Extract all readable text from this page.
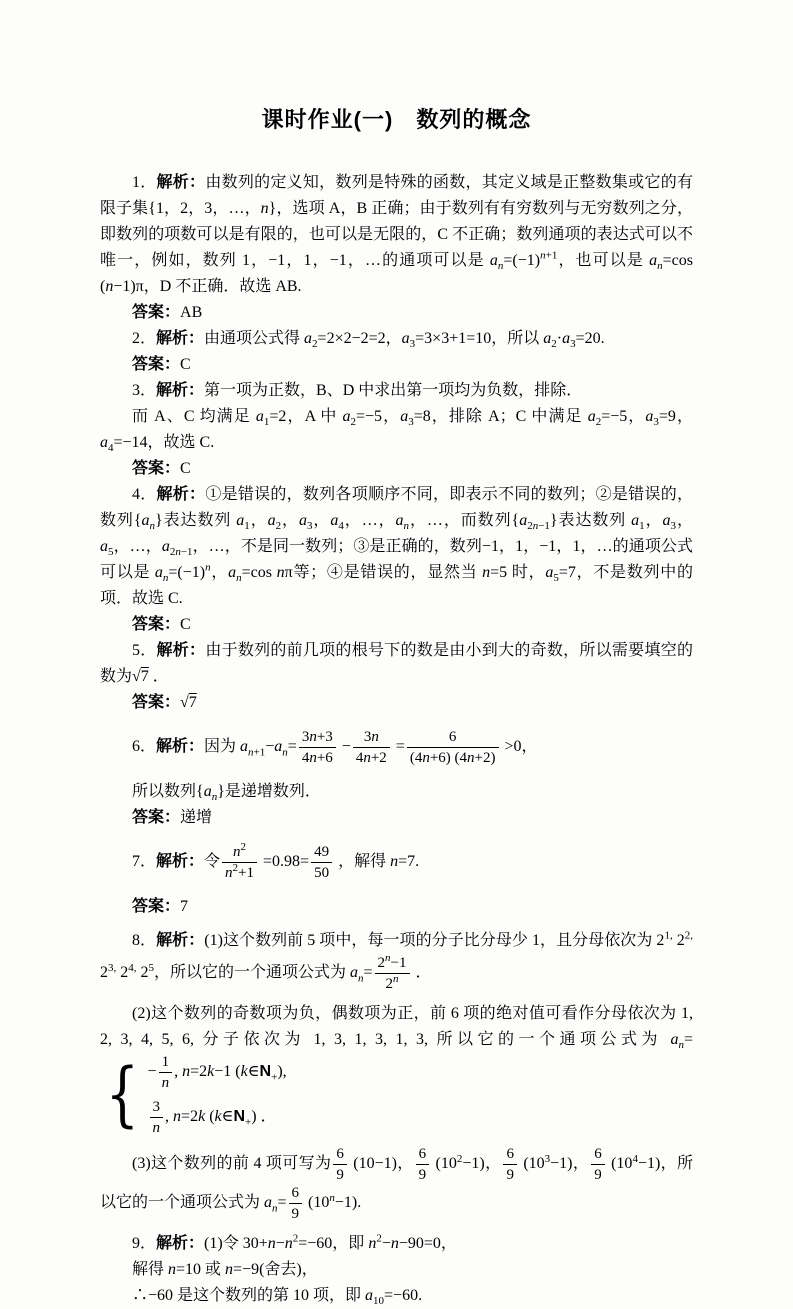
课时作业(一)　数列的概念

1．解析：由数列的定义知，数列是特殊的函数，其定义域是正整数集或它的有限子集{1，2，3，…，n}，选项 A，B 正确；由于数列有有穷数列与无穷数列之分，即数列的项数可以是有限的，也可以是无限的，C 不正确；数列通项的表达式可以不唯一，例如，数列 1，−1，1，−1，…的通项可以是 $a_n=(-1)^{n+1}$，也可以是 $a_n=\cos$ (n−1)π，D 不正确．故选 AB.

答案：AB

2．解析：由通项公式得 $a_2=2\times 2-2=2$，$a_3=3\times 3+1=10$，所以 $a_2\cdot a_3=20$.

答案：C

3．解析：第一项为正数，B、D 中求出第一项均为负数，排除．

而 A、C 均满足 $a_1=2$，A 中 $a_2=-5$，$a_3=8$，排除 A；C 中满足 $a_2=-5$，$a_3=9$，$a_4=-14$，故选 C.

答案：C

4．解析：①是错误的，数列各项顺序不同，即表示不同的数列；②是错误的，数列$\{a_n\}$表达数列 $a_1$，$a_2$，$a_3$，$a_4$，…，$a_n$，…，而数列$\{a_{2n-1}\}$表达数列 $a_1$，$a_3$，$a_5$，…，$a_{2n-1}$，…，不是同一数列；③是正确的，数列−1，1，−1，1，…的通项公式可以是 $a_n=(-1)^n$，$a_n=\cos$ nπ等；④是错误的，显然当 n=5 时，$a_5=7$，不是数列中的项．故选 C.

答案：C

5．解析：由于数列的前几项的根号下的数是由小到大的奇数，所以需要填空的数为√7 ．

答案：√7

6．解析：因为 $a_{n+1}-a_n= \frac{3n+3}{4n+6} - \frac{3n}{4n+2} = \frac{6}{(4n+6) (4n+2)} >0$，

所以数列$\{a_n\}$是递增数列．

答案：递增

7．解析：令 $\frac{n^2}{n^2+1} =0.98= \frac{49}{50}$ ，解得 n=7.

答案：7

8．解析：(1)这个数列前 5 项中，每一项的分子比分母少 1，且分母依次为 $2^{1,}$ $2^{2,}$ $2^{3,}$ $2^{4,}$ $2^5$，所以它的一个通项公式为 $a_n= \frac{2^n-1}{2^n}$ ．

(2)这个数列的奇数项为负，偶数项为正，前 6 项的绝对值可看作分母依次为 1, 2, 3, 4, 5, 6, 分子依次为 1, 3, 1, 3, 1, 3, 所以它的一个通项公式为 $a_n=$
{ − $\frac{1}{n}$ , n=2k−1 $(k\in N_+)$,
$\frac{3}{n}$ , n=2k $(k\in N_+)$ ．

(3)这个数列的前 4 项可写为 $\frac{6}{9} (10-1)$， $\frac{6}{9} (10^2-1)$， $\frac{6}{9} (10^3-1)$， $\frac{6}{9} (10^4-1)$，所以它的一个通项公式为 $a_n= \frac{6}{9} (10^n-1)$.

9．解析：(1)令 $30+n-n^2=-60$，即 $n^2-n-90=0$，

解得 n=10 或 n=−9(舍去)，

∴−60 是这个数列的第 10 项，即 $a_{10}=-60$.
